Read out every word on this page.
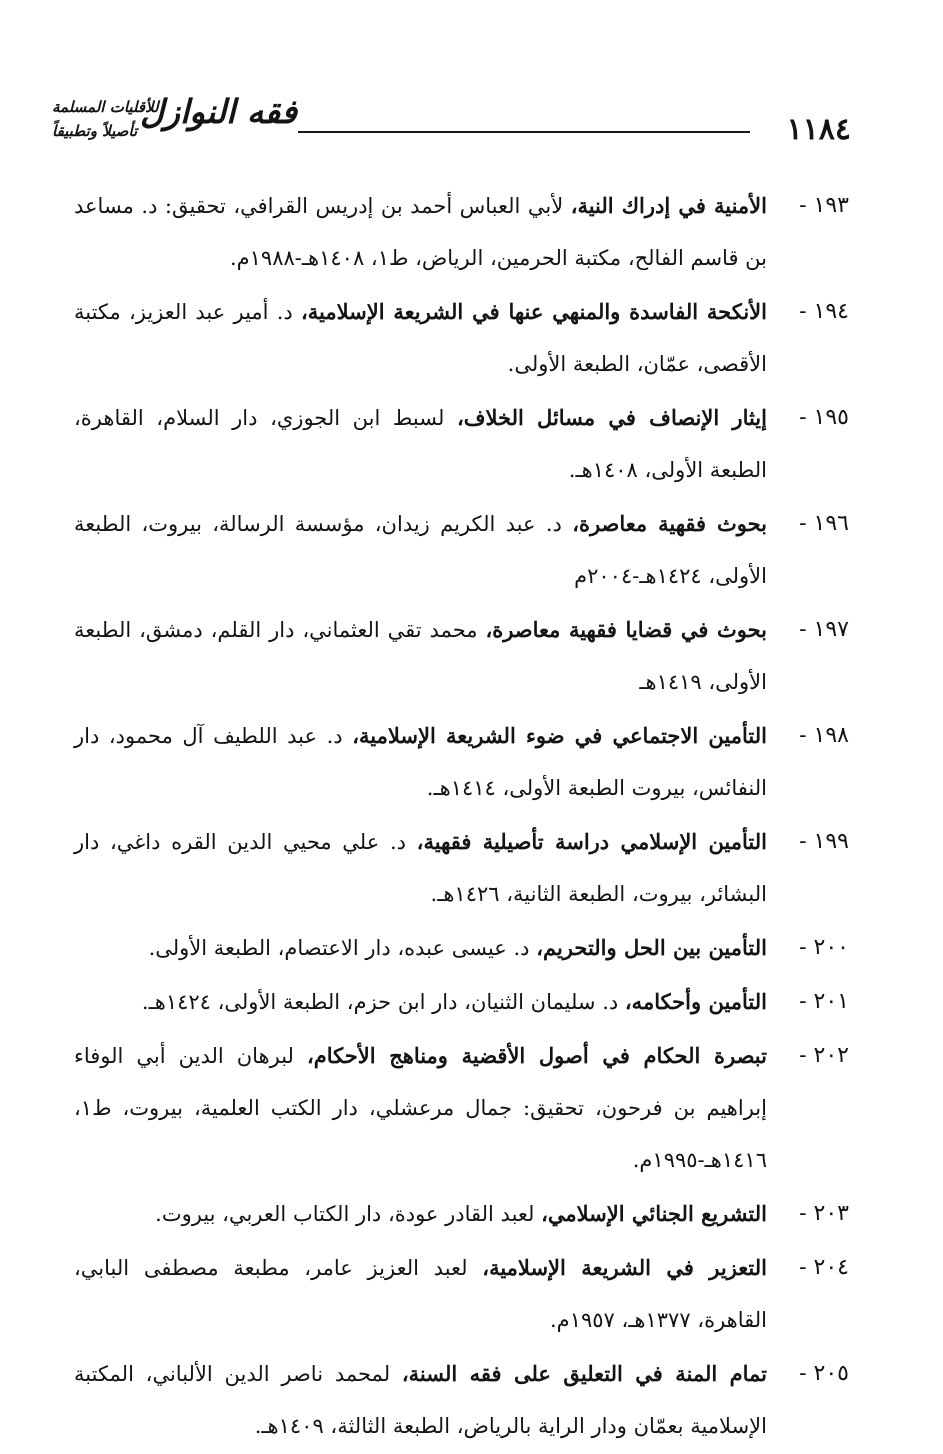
١١٨٤
فقه النوازل
للأقليات المسلمة
تأصيلاً وتطبيقاً
١٩٣ -
الأمنية في إدراك النية، لأبي العباس أحمد بن إدريس القرافي، تحقيق: د. مساعد بن قاسم الفالح، مكتبة الحرمين، الرياض، ط١، ١٤٠٨هـ-١٩٨٨م.
١٩٤ -
الأنكحة الفاسدة والمنهي عنها في الشريعة الإسلامية، د. أمير عبد العزيز، مكتبة الأقصى، عمّان، الطبعة الأولى.
١٩٥ -
إيثار الإنصاف في مسائل الخلاف، لسبط ابن الجوزي، دار السلام، القاهرة، الطبعة الأولى، ١٤٠٨هـ.
١٩٦ -
بحوث فقهية معاصرة، د. عبد الكريم زيدان، مؤسسة الرسالة، بيروت، الطبعة الأولى، ١٤٢٤هـ-٢٠٠٤م
١٩٧ -
بحوث في قضايا فقهية معاصرة، محمد تقي العثماني، دار القلم، دمشق، الطبعة الأولى، ١٤١٩هـ
١٩٨ -
التأمين الاجتماعي في ضوء الشريعة الإسلامية، د. عبد اللطيف آل محمود، دار النفائس، بيروت الطبعة الأولى، ١٤١٤هـ.
١٩٩ -
التأمين الإسلامي دراسة تأصيلية فقهية، د. علي محيي الدين القره داغي، دار البشائر، بيروت، الطبعة الثانية، ١٤٢٦هـ.
٢٠٠ -
التأمين بين الحل والتحريم، د. عيسى عبده، دار الاعتصام، الطبعة الأولى.
٢٠١ -
التأمين وأحكامه، د. سليمان الثنيان، دار ابن حزم، الطبعة الأولى، ١٤٢٤هـ.
٢٠٢ -
تبصرة الحكام في أصول الأقضية ومناهج الأحكام، لبرهان الدين أبي الوفاء إبراهيم بن فرحون، تحقيق: جمال مرعشلي، دار الكتب العلمية، بيروت، ط١، ١٤١٦هـ-١٩٩٥م.
٢٠٣ -
التشريع الجنائي الإسلامي، لعبد القادر عودة، دار الكتاب العربي، بيروت.
٢٠٤ -
التعزير في الشريعة الإسلامية، لعبد العزيز عامر، مطبعة مصطفى البابي، القاهرة، ١٣٧٧هـ، ١٩٥٧م.
٢٠٥ -
تمام المنة في التعليق على فقه السنة، لمحمد ناصر الدين الألباني، المكتبة الإسلامية بعمّان ودار الراية بالرياض، الطبعة الثالثة، ١٤٠٩هـ.
